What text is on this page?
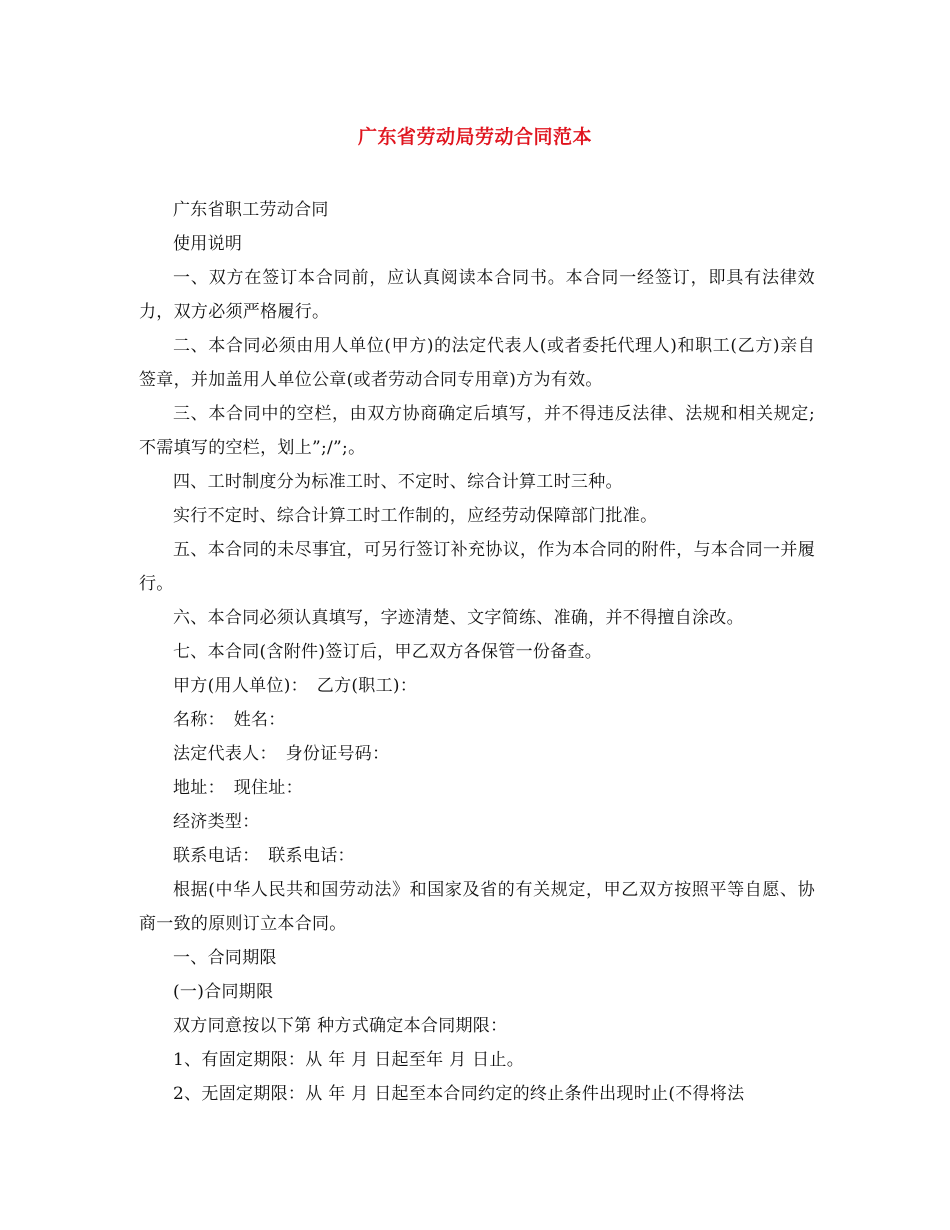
广东省劳动局劳动合同范本

广东省职工劳动合同

使用说明

一、双方在签订本合同前，应认真阅读本合同书。本合同一经签订，即具有法律效力，双方必须严格履行。

二、本合同必须由用人单位(甲方)的法定代表人(或者委托代理人)和职工(乙方)亲自签章，并加盖用人单位公章(或者劳动合同专用章)方为有效。

三、本合同中的空栏，由双方协商确定后填写，并不得违反法律、法规和相关规定;不需填写的空栏，划上”;/”;。

四、工时制度分为标准工时、不定时、综合计算工时三种。

实行不定时、综合计算工时工作制的，应经劳动保障部门批准。

五、本合同的未尽事宜，可另行签订补充协议，作为本合同的附件，与本合同一并履行。

六、本合同必须认真填写，字迹清楚、文字简练、准确，并不得擅自涂改。

七、本合同(含附件)签订后，甲乙双方各保管一份备查。

甲方(用人单位)：　乙方(职工)：

名称：　姓名：

法定代表人：　身份证号码：

地址：　现住址：

经济类型：

联系电话：　联系电话：

根据(中华人民共和国劳动法》和国家及省的有关规定，甲乙双方按照平等自愿、协商一致的原则订立本合同。

一、合同期限

(一)合同期限

双方同意按以下第 种方式确定本合同期限：

1、有固定期限：从 年 月 日起至年 月 日止。

2、无固定期限：从 年 月 日起至本合同约定的终止条件出现时止(不得将法
